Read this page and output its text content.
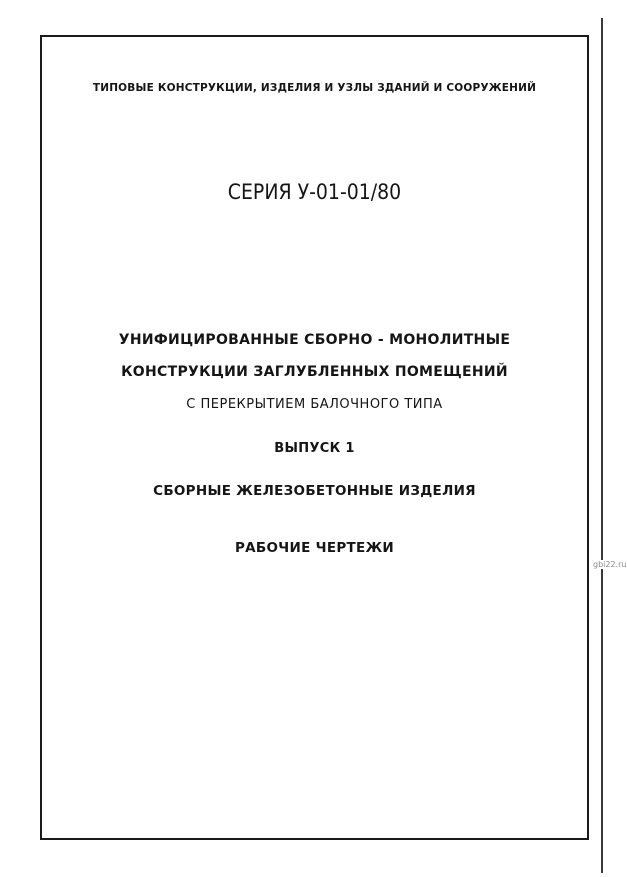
ТИПОВЫЕ КОНСТРУКЦИИ, ИЗДЕЛИЯ И УЗЛЫ ЗДАНИЙ И СООРУЖЕНИЙ
СЕРИЯ У-01-01/80
УНИФИЦИРОВАННЫЕ СБОРНО - МОНОЛИТНЫЕ
КОНСТРУКЦИИ ЗАГЛУБЛЕННЫХ ПОМЕЩЕНИЙ
С ПЕРЕКРЫТИЕМ БАЛОЧНОГО ТИПА
ВЫПУСК 1
СБОРНЫЕ ЖЕЛЕЗОБЕТОННЫЕ ИЗДЕЛИЯ
РАБОЧИЕ ЧЕРТЕЖИ
gbi22.ru
